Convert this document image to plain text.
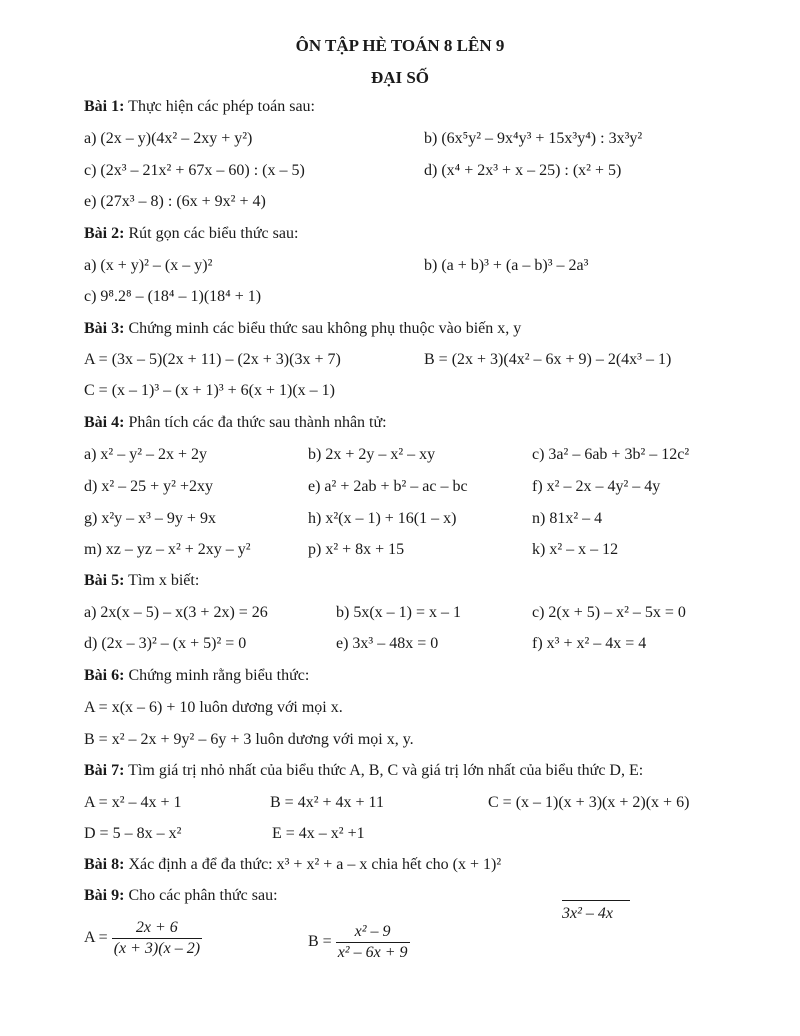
ÔN TẬP HÈ TOÁN 8 LÊN 9
ĐẠI SỐ
Bài 1: Thực hiện các phép toán sau:
a) (2x – y)(4x² – 2xy + y²)	b) (6x⁵y² – 9x⁴y³ + 15x³y⁴) : 3x³y²
c) (2x³ – 21x² + 67x – 60) : (x – 5)	d) (x⁴ + 2x³ + x – 25) : (x² + 5)
e) (27x³ – 8) : (6x + 9x² + 4)
Bài 2: Rút gọn các biểu thức sau:
a) (x + y)² – (x – y)²	b) (a + b)³ + (a – b)³ – 2a³
c) 9⁸.2⁸ – (18⁴ – 1)(18⁴ + 1)
Bài 3: Chứng minh các biểu thức sau không phụ thuộc vào biến x, y
A = (3x – 5)(2x + 11) – (2x + 3)(3x + 7)	B = (2x + 3)(4x² – 6x + 9) – 2(4x³ – 1)
C = (x – 1)³ – (x + 1)³ + 6(x + 1)(x – 1)
Bài 4: Phân tích các đa thức sau thành nhân tử:
a) x² – y² – 2x + 2y	b) 2x + 2y – x² – xy	c) 3a² – 6ab + 3b² – 12c²
d) x² – 25 + y² +2xy	e) a² + 2ab + b² – ac – bc	f) x² – 2x – 4y² – 4y
g) x²y – x³ – 9y + 9x	h) x²(x – 1) + 16(1 – x)	n) 81x² – 4
m) xz – yz – x² + 2xy – y²	p) x² + 8x + 15	k) x² – x – 12
Bài 5: Tìm x biết:
a) 2x(x – 5) – x(3 + 2x) = 26	b) 5x(x – 1) = x – 1	c) 2(x + 5) – x² – 5x = 0
d) (2x – 3)² – (x + 5)² = 0	e) 3x³ – 48x = 0	f) x³ + x² – 4x = 4
Bài 6: Chứng minh rằng biểu thức:
A = x(x – 6) + 10 luôn dương với mọi x.
B = x² – 2x + 9y² – 6y + 3 luôn dương với mọi x, y.
Bài 7: Tìm giá trị nhỏ nhất của biểu thức A, B, C và giá trị lớn nhất của biểu thức D, E:
A = x² – 4x + 1	B = 4x² + 4x + 11	C = (x – 1)(x + 3)(x + 2)(x + 6)
D = 5 – 8x – x²	E = 4x – x² +1
Bài 8: Xác định a để đa thức: x³ + x² + a – x chia hết cho (x + 1)²
Bài 9: Cho các phân thức sau:
3x² – 4x
$A = \frac{2x + 6}{(x + 3)(x - 2)}$	$B = \frac{\text{x² – 9}}{\text{x² – 6x + 9}}$
